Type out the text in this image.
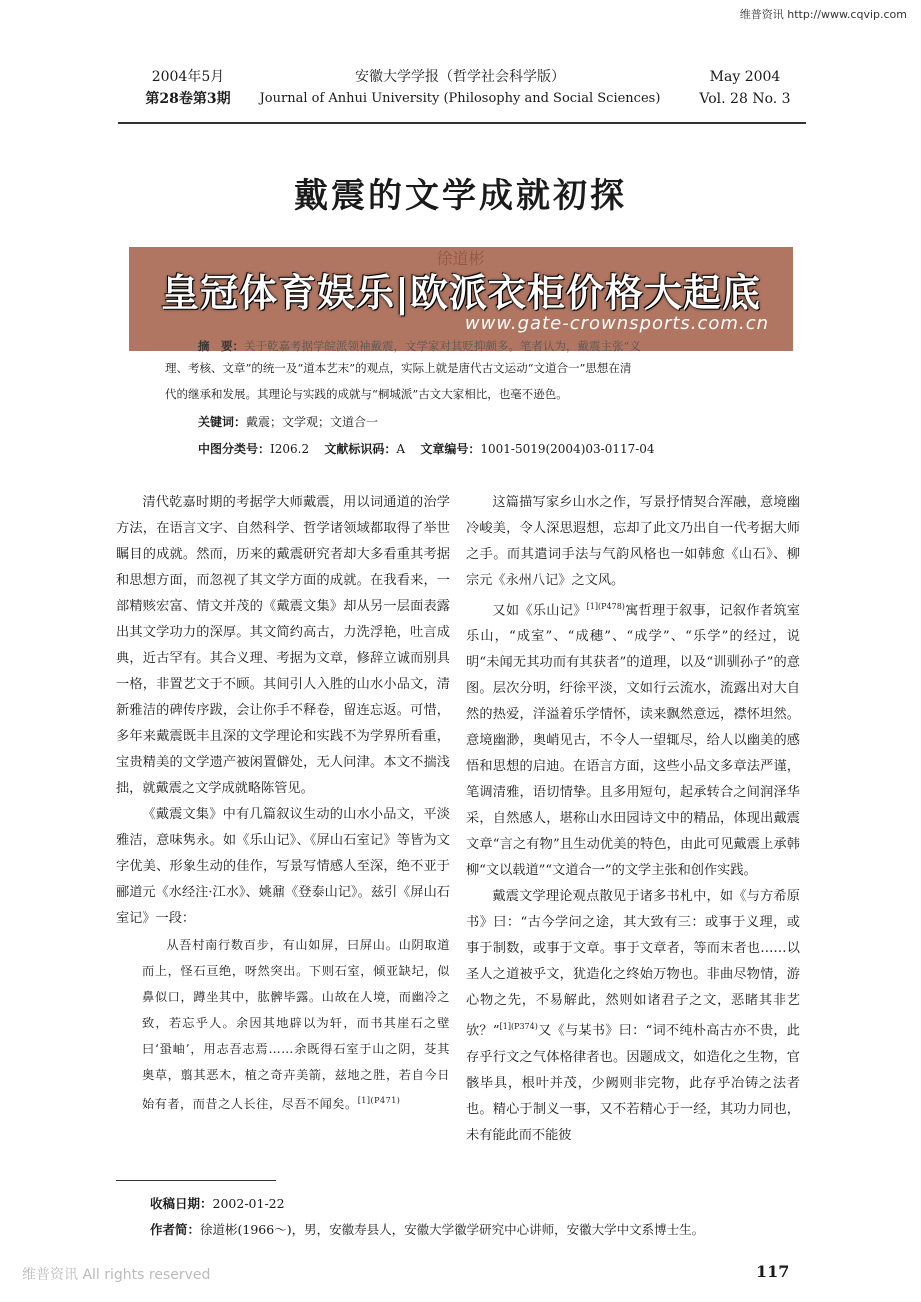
维普资讯 http://www.cqvip.com
2004年5月
第28卷第3期
安徽大学学报（哲学社会科学版）
Journal of Anhui University (Philosophy and Social Sciences)
May 2004
Vol. 28 No. 3
戴震的文学成就初探
皇冠体育娱乐|欧派衣柜价格大起底
www.gate-crownsports.com.cn
摘　要：关于乾嘉考据学皖派领袖戴震，文学家对其贬抑颇多。笔者认为，戴震主张“义
理、考核、文章”的统一及“道本艺末”的观点，实际上就是唐代古文运动“文道合一”思想在清
代的继承和发展。其理论与实践的成就与“桐城派”古文大家相比，也毫不逊色。
关键词：戴震；文学观；文道合一
中图分类号：I206.2 文献标识码：A 文章编号：1001-5019(2004)03-0117-04

清代乾嘉时期的考据学大师戴震，用以词通道的治学方法，在语言文字、自然科学、哲学诸领域都取得了举世瞩目的成就。然而，历来的戴震研究者却大多看重其考据和思想方面，而忽视了其文学方面的成就。在我看来，一部精赅宏富、情文并茂的《戴震文集》却从另一层面表露出其文学功力的深厚。其文简约高古，力洗浮艳，吐言成典，近古罕有。其合义理、考据为文章，修辞立诚而别具一格，非置艺文于不顾。其间引人入胜的山水小品文，清新雅洁的碑传序跋，会让你手不释卷，留连忘返。可惜，多年来戴震既丰且深的文学理论和实践不为学界所看重，宝贵精美的文学遗产被闲置僻处，无人问津。本文不揣浅拙，就戴震之文学成就略陈管见。

《戴震文集》中有几篇叙议生动的山水小品文，平淡雅洁，意味隽永。如《乐山记》、《屏山石室记》等皆为文字优美、形象生动的佳作，写景写情感人至深，绝不亚于郦道元《水经注·江水》、姚鼐《登泰山记》。兹引《屏山石室记》一段：

从吾村南行数百步，有山如屏，曰屏山。山阴取道而上，怪石亘绝，呀然突出。下则石室，倾亚缺圮，似鼻似口，蹲坐其中，肱髀毕露。山故在人境，而幽冷之致，若忘乎人。余因其地辟以为轩，而书其崖石之壁曰‘蛩岫’，用志吾志焉……余既得石室于山之阴，芟其奥草，翦其恶木，植之奇卉美箭，兹地之胜，若自今日始有者，而昔之人长往，尽吾不闻矣。$^{[1](P471)}$

这篇描写家乡山水之作，写景抒情契合浑融，意境幽冷峻美，令人深思遐想，忘却了此文乃出自一代考据大师之手。而其遣词手法与气韵风格也一如韩愈《山石》、柳宗元《永州八记》之文风。

又如《乐山记》$^{[1](P478)}$寓哲理于叙事，记叙作者筑室乐山，“成室”、“成穗”、“成学”、“乐学”的经过，说明“未闻无其功而有其获者”的道理，以及“训驯孙子”的意图。层次分明，纡徐平淡，文如行云流水，流露出对大自然的热爱，洋溢着乐学情怀，读来飘然意远，襟怀坦然。意境幽渺，奥峭见古，不令人一望辄尽，给人以幽美的感悟和思想的启迪。在语言方面，这些小品文多章法严谨，笔调清雅，语切情挚。且多用短句，起承转合之间润泽华采，自然感人，堪称山水田园诗文中的精品，体现出戴震文章“言之有物”且生动优美的特色，由此可见戴震上承韩柳“文以载道”“文道合一”的文学主张和创作实践。

戴震文学理论观点散见于诸多书札中，如《与方希原书》曰：“古今学问之途，其大致有三：或事于义理，或事于制数，或事于文章。事于文章者，等而末者也……以圣人之道被乎文，犹造化之终始万物也。非曲尽物情，游心物之先，不易解此，然则如诸君子之文，恶睹其非艺欤？”$^{[1](P374)}$又《与某书》曰：“词不纯朴高古亦不贵，此存乎行文之气体格律者也。因题成文，如造化之生物，官骸毕具，根叶并茂，少阙则非完物，此存乎冶铸之法者也。精心于制义一事，又不若精心于一经，其功力同也，未有能此而不能彼

收稿日期：2002-01-22
作者简：徐道彬(1966～)，男，安徽寿县人，安徽大学徽学研究中心讲师，安徽大学中文系博士生。
维普资讯 All rights reserved	117
